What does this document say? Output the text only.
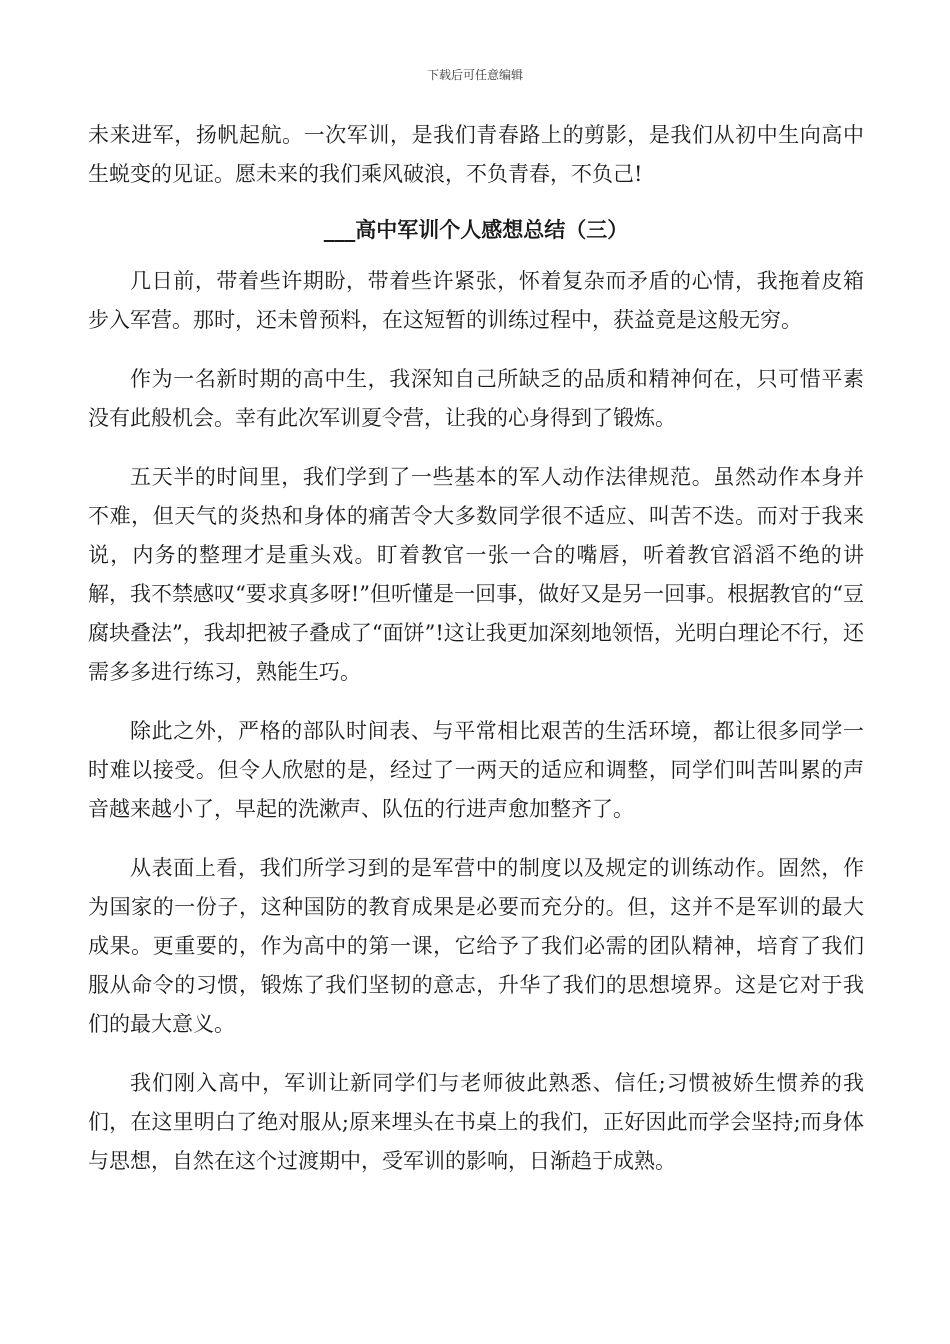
下载后可任意编辑

未来进军，扬帆起航。一次军训，是我们青春路上的剪影，是我们从初中生向高中生蜕变的见证。愿未来的我们乘风破浪，不负青春，不负己!

___高中军训个人感想总结（三）

几日前，带着些许期盼，带着些许紧张，怀着复杂而矛盾的心情，我拖着皮箱步入军营。那时，还未曾预料，在这短暂的训练过程中，获益竟是这般无穷。

作为一名新时期的高中生，我深知自己所缺乏的品质和精神何在，只可惜平素没有此般机会。幸有此次军训夏令营，让我的心身得到了锻炼。

五天半的时间里，我们学到了一些基本的军人动作法律规范。虽然动作本身并不难，但天气的炎热和身体的痛苦令大多数同学很不适应、叫苦不迭。而对于我来说，内务的整理才是重头戏。盯着教官一张一合的嘴唇，听着教官滔滔不绝的讲解，我不禁感叹“要求真多呀!”但听懂是一回事，做好又是另一回事。根据教官的“豆腐块叠法”，我却把被子叠成了“面饼”!这让我更加深刻地领悟，光明白理论不行，还需多多进行练习，熟能生巧。

除此之外，严格的部队时间表、与平常相比艰苦的生活环境，都让很多同学一时难以接受。但令人欣慰的是，经过了一两天的适应和调整，同学们叫苦叫累的声音越来越小了，早起的洗漱声、队伍的行进声愈加整齐了。

从表面上看，我们所学习到的是军营中的制度以及规定的训练动作。固然，作为国家的一份子，这种国防的教育成果是必要而充分的。但，这并不是军训的最大成果。更重要的，作为高中的第一课，它给予了我们必需的团队精神，培育了我们服从命令的习惯，锻炼了我们坚韧的意志，升华了我们的思想境界。这是它对于我们的最大意义。

我们刚入高中，军训让新同学们与老师彼此熟悉、信任;习惯被娇生惯养的我们，在这里明白了绝对服从;原来埋头在书桌上的我们，正好因此而学会坚持;而身体与思想，自然在这个过渡期中，受军训的影响，日渐趋于成熟。
